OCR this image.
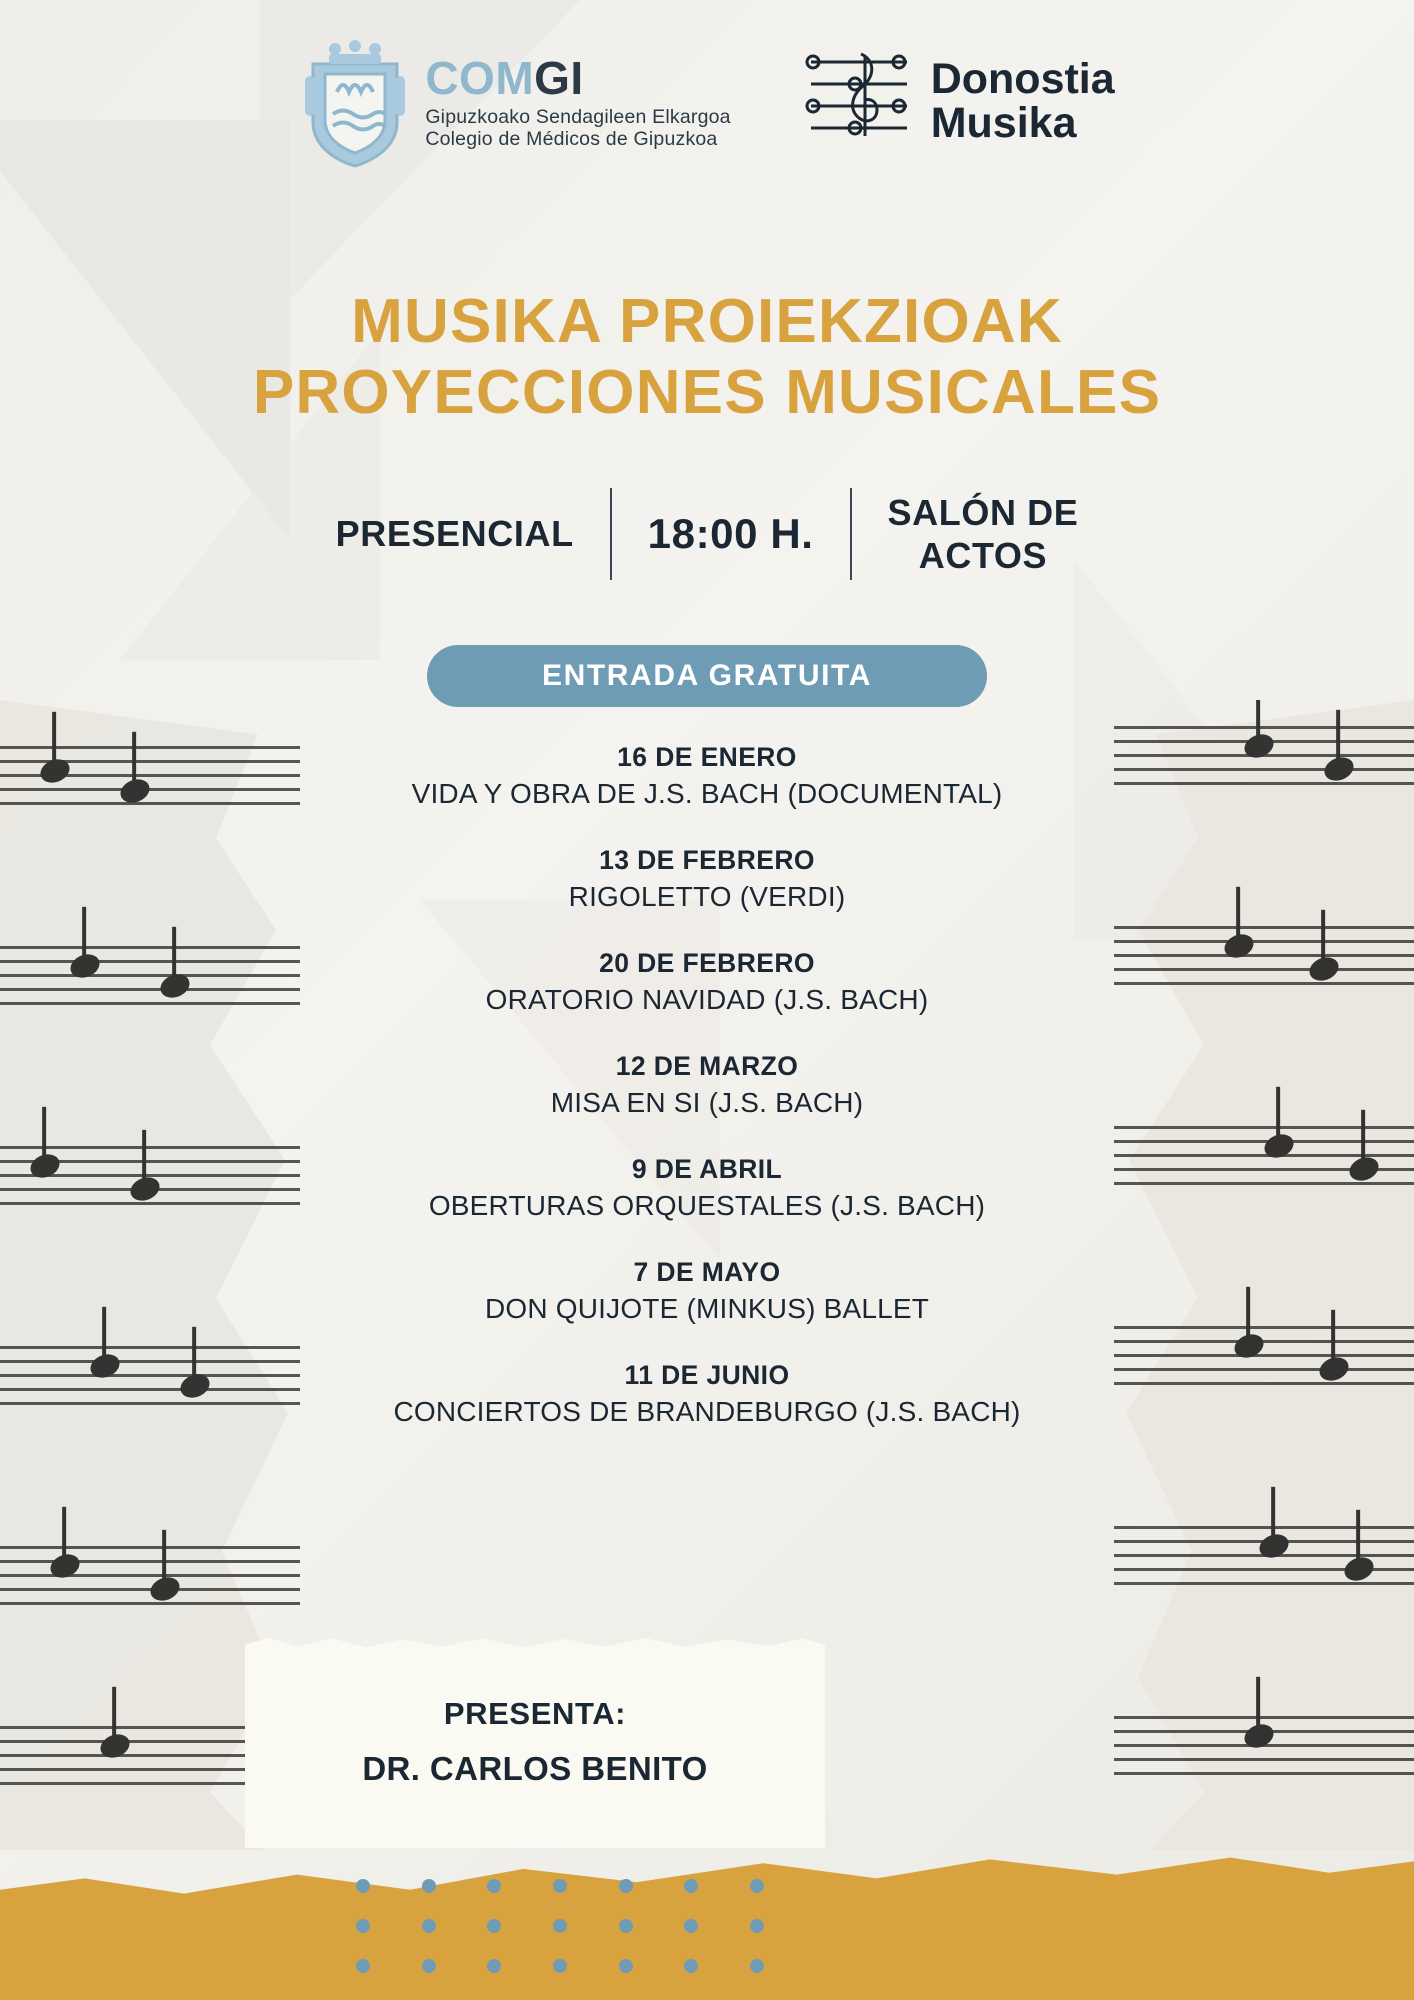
COMGI
Gipuzkoako Sendagileen Elkargoa
Colegio de Médicos de Gipuzkoa
Donostia
Musika
MUSIKA PROIEKZIOAK
PROYECCIONES MUSICALES
PRESENCIAL	18:00 H.	SALÓN DE
ACTOS
ENTRADA GRATUITA
16 DE ENERO
VIDA Y OBRA DE J.S. BACH (DOCUMENTAL)
13 DE FEBRERO
RIGOLETTO (VERDI)
20 DE FEBRERO
ORATORIO NAVIDAD (J.S. BACH)
12 DE MARZO
MISA EN SI (J.S. BACH)
9 DE ABRIL
OBERTURAS ORQUESTALES (J.S. BACH)
7 DE MAYO
DON QUIJOTE (MINKUS) BALLET
11 DE JUNIO
CONCIERTOS DE BRANDEBURGO (J.S. BACH)
PRESENTA:
DR. CARLOS BENITO
